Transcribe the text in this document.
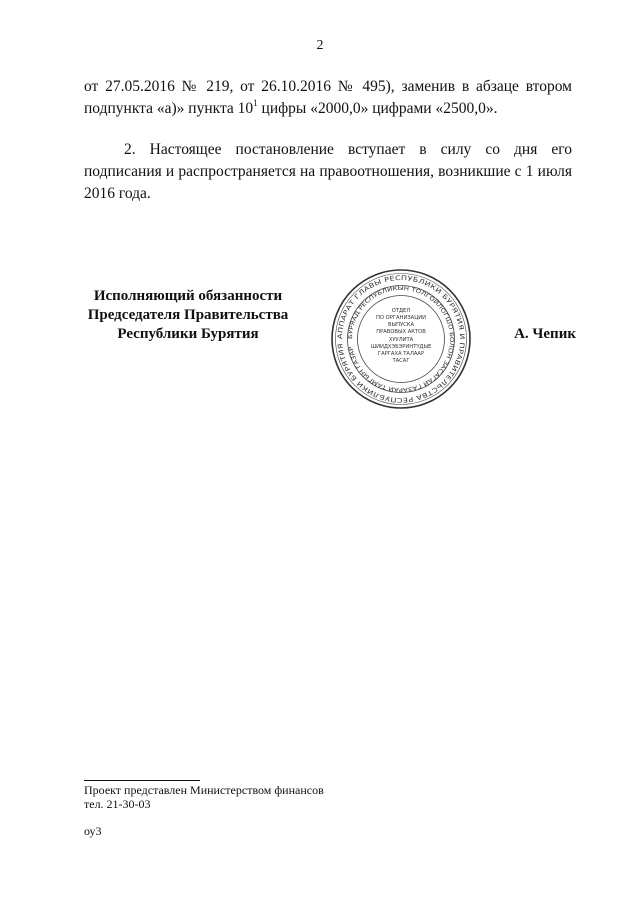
2

от 27.05.2016 № 219, от 26.10.2016 № 495), заменив в абзаце втором подпункта «а)» пункта $10^1$ цифры «2000,0» цифрами «2500,0».

2. Настоящее постановление вступает в силу со дня его подписания и распространяется на правоотношения, возникшие с 1 июля 2016 года.

Исполняющий обязанности
Председателя Правительства
Республики Бурятия	АППАРАТ ГЛАВЫ РЕСПУБЛИКИ БУРЯТИЯ И ПРАВИТЕЛЬСТВА РЕСПУБЛИКИ БУРЯТИЯ
БУРЯАД РЕСПУБЛИКЫН ТОЛГОЙЛОГШО БОЛОН ЗАСАГАЙ ГАЗАРАЙ ТАМГЫН ГАЗАР
ОТДЕЛ
ПО ОРГАНИЗАЦИИ
ВЫПУСКА
ПРАВОВЫХ АКТОВ
ХУУЛИТА
ШИИДХЭБЭРИНТҮДЫЕ
ГАРГАХА ТАЛААР
ТАСАГ
А. Чепик
Проект представлен Министерством финансов
тел. 21-30-03
оу3
